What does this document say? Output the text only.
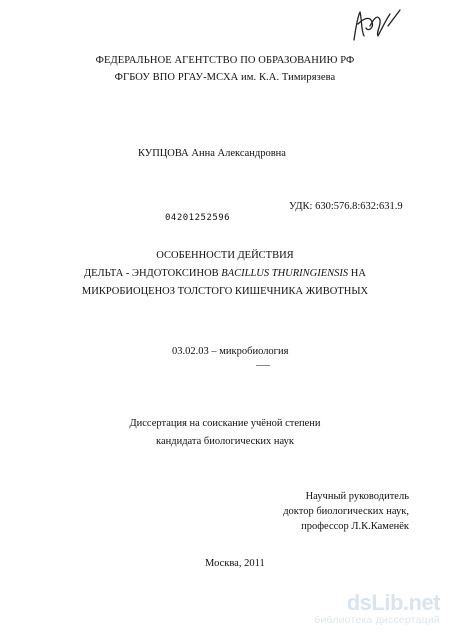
ФЕДЕРАЛЬНОЕ АГЕНТСТВО ПО ОБРАЗОВАНИЮ РФ
ФГБОУ ВПО РГАУ-МСХА им. К.А. Тимирязева
КУПЦОВА Анна Александровна
УДК: 630:576.8:632:631.9
04201252596
ОСОБЕННОСТИ ДЕЙСТВИЯ
ДЕЛЬТА - ЭНДОТОКСИНОВ BACILLUS THURINGIENSIS НА
МИКРОБИОЦЕНОЗ ТОЛСТОГО КИШЕЧНИКА ЖИВОТНЫХ
03.02.03 – микробиология
Диссертация на соискание учёной степени
кандидата биологических наук
Научный руководитель
доктор биологических наук,
профессор Л.К.Каменёк
Москва, 2011
dsLib.net
библиотека диссертаций
